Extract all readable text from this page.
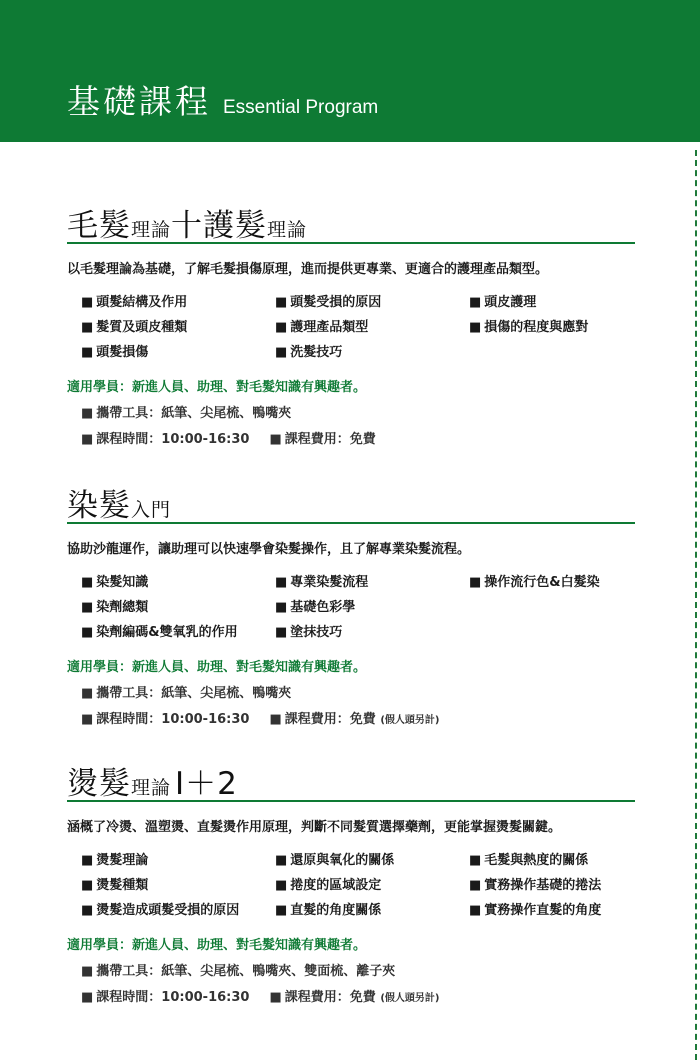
基礎課程 Essential Program
毛髮理論十護髮理論
以毛髮理論為基礎，了解毛髮損傷原理，進而提供更專業、更適合的護理產品類型。
■ 頭髮結構及作用	■ 頭髮受損的原因	■ 頭皮護理
■ 髮質及頭皮種類	■ 護理產品類型	■ 損傷的程度與應對
■ 頭髮損傷	■ 洗髮技巧
適用學員：新進人員、助理、對毛髮知識有興趣者。
■ 攜帶工具：紙筆、尖尾梳、鴨嘴夾
■ 課程時間：10:00-16:30 ■ 課程費用：免費
染髮入門
協助沙龍運作，讓助理可以快速學會染髮操作，且了解專業染髮流程。
■ 染髮知識	■ 專業染髮流程	■ 操作流行色&白髮染
■ 染劑總類	■ 基礎色彩學
■ 染劑編碼&雙氧乳的作用	■ 塗抹技巧
適用學員：新進人員、助理、對毛髮知識有興趣者。
■ 攜帶工具：紙筆、尖尾梳、鴨嘴夾
■ 課程時間：10:00-16:30 ■ 課程費用：免費 (假人頭另計)
燙髮理論 Ⅰ＋2
涵概了冷燙、溫塑燙、直髮燙作用原理，判斷不同髮質選擇藥劑，更能掌握燙髮關鍵。
■ 燙髮理論	■ 還原與氧化的關係	■ 毛髮與熱度的關係
■ 燙髮種類	■ 捲度的區域設定	■ 實務操作基礎的捲法
■ 燙髮造成頭髮受損的原因	■ 直髮的角度關係	■ 實務操作直髮的角度
適用學員：新進人員、助理、對毛髮知識有興趣者。
■ 攜帶工具：紙筆、尖尾梳、鴨嘴夾、雙面梳、離子夾
■ 課程時間：10:00-16:30 ■ 課程費用：免費 (假人頭另計)
